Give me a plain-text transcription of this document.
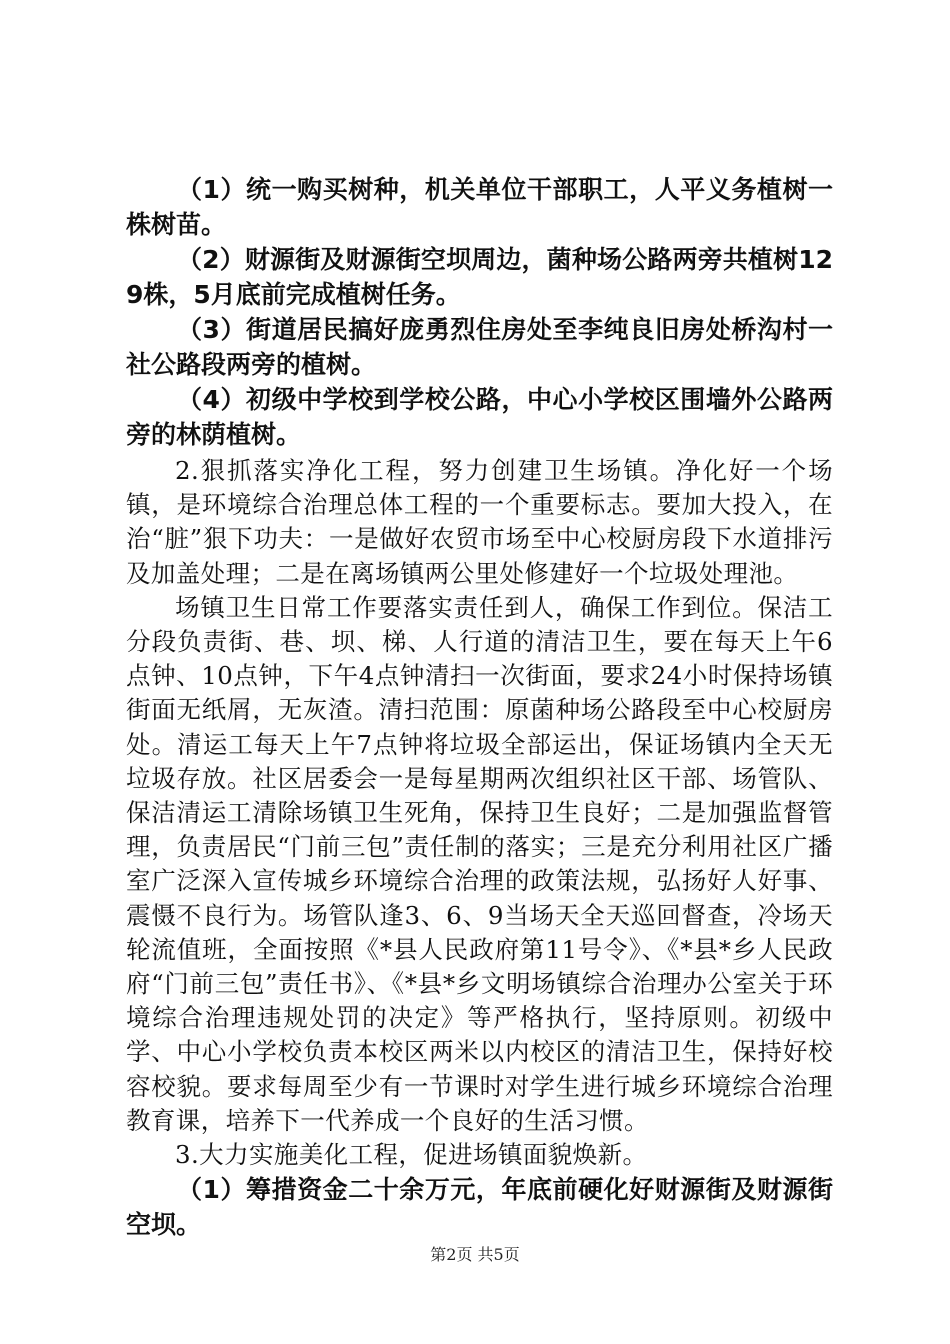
（1）统一购买树种，机关单位干部职工，人平义务植树一株树苗。

（2）财源街及财源街空坝周边，菌种场公路两旁共植树129株，5月底前完成植树任务。

（3）街道居民搞好庞勇烈住房处至李纯良旧房处桥沟村一社公路段两旁的植树。

（4）初级中学校到学校公路，中心小学校区围墙外公路两旁的林荫植树。

2.狠抓落实净化工程，努力创建卫生场镇。净化好一个场镇，是环境综合治理总体工程的一个重要标志。要加大投入，在治“脏”狠下功夫：一是做好农贸市场至中心校厨房段下水道排污及加盖处理；二是在离场镇两公里处修建好一个垃圾处理池。

场镇卫生日常工作要落实责任到人，确保工作到位。保洁工分段负责街、巷、坝、梯、人行道的清洁卫生，要在每天上午6点钟、10点钟，下午4点钟清扫一次街面，要求24小时保持场镇街面无纸屑，无灰渣。清扫范围：原菌种场公路段至中心校厨房处。清运工每天上午7点钟将垃圾全部运出，保证场镇内全天无垃圾存放。社区居委会一是每星期两次组织社区干部、场管队、保洁清运工清除场镇卫生死角，保持卫生良好；二是加强监督管理，负责居民“门前三包”责任制的落实；三是充分利用社区广播室广泛深入宣传城乡环境综合治理的政策法规，弘扬好人好事、震慑不良行为。场管队逢3、6、9当场天全天巡回督查，冷场天轮流值班，全面按照《*县人民政府第11号令》、《*县*乡人民政府“门前三包”责任书》、《*县*乡文明场镇综合治理办公室关于环境综合治理违规处罚的决定》等严格执行，坚持原则。初级中学、中心小学校负责本校区两米以内校区的清洁卫生，保持好校容校貌。要求每周至少有一节课时对学生进行城乡环境综合治理教育课，培养下一代养成一个良好的生活习惯。

3.大力实施美化工程，促进场镇面貌焕新。

（1）筹措资金二十余万元，年底前硬化好财源街及财源街空坝。

第2页 共5页
